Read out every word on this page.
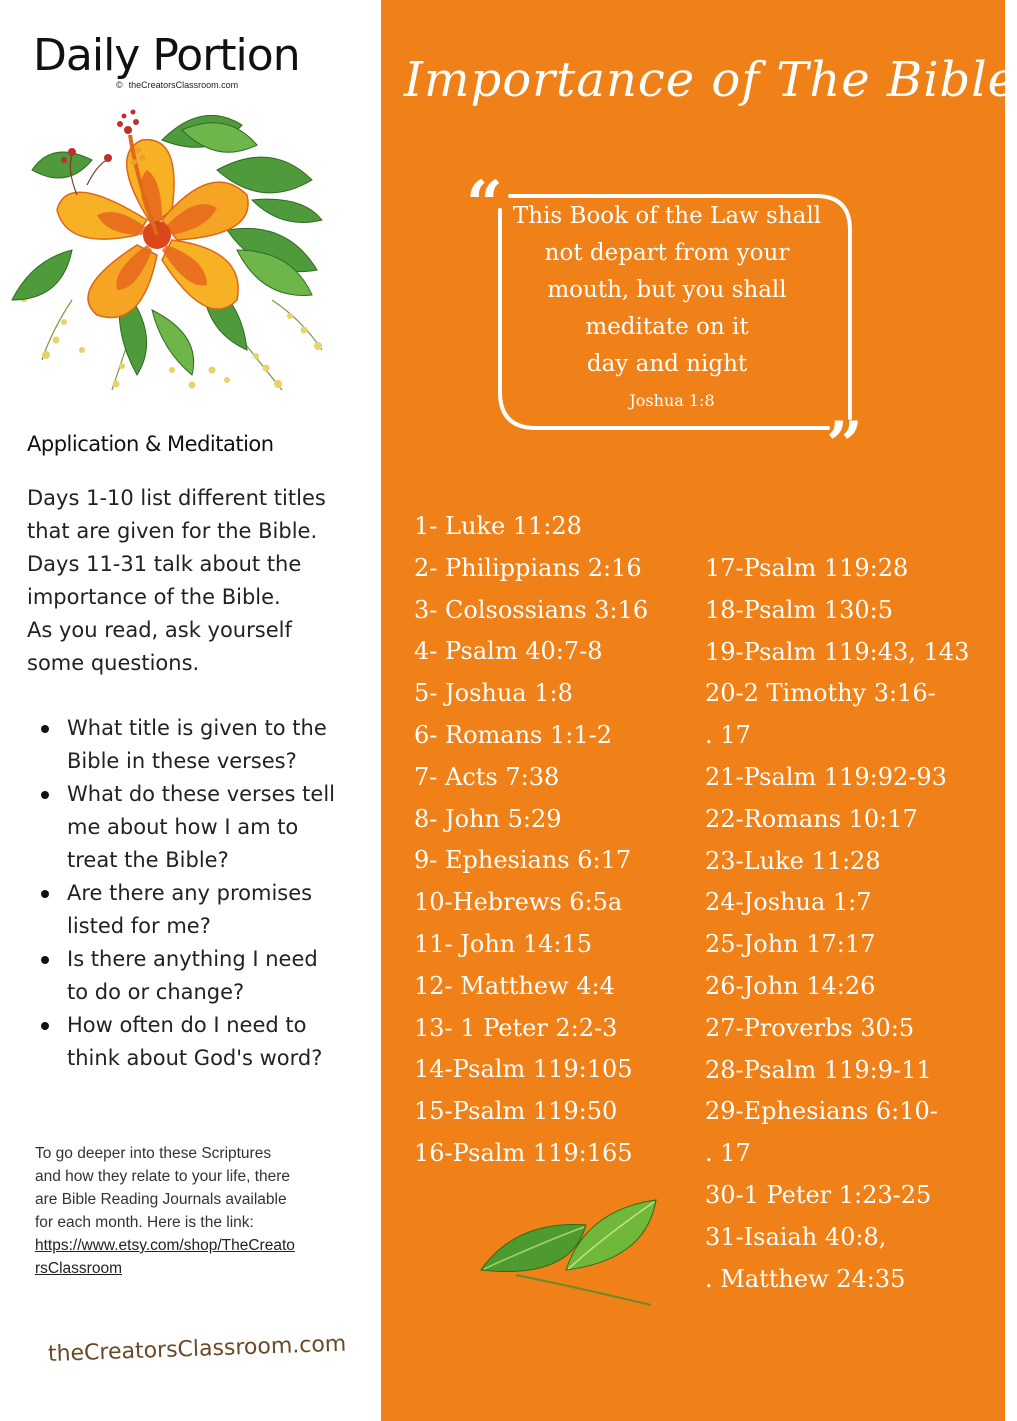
Daily Portion
© theCreatorsClassroom.com
Application & Meditation
Days 1-10 list different titles
that are given for the Bible.
Days 11-31 talk about the
importance of the Bible.
As you read, ask yourself
some questions.
What title is given to the
Bible in these verses?
What do these verses tell
me about how I am to
treat the Bible?
Are there any promises
listed for me?
Is there anything I need
to do or change?
How often do I need to
think about God's word?
To go deeper into these Scriptures
and how they relate to your life, there
are Bible Reading Journals available
for each month. Here is the link:
https://www.etsy.com/shop/TheCreato
rsClassroom

theCreatorsClassroom.com

Importance of The Bible
“
”
This Book of the Law shall
not depart from your
mouth, but you shall
meditate on it
day and night
Joshua 1:8
1- Luke 11:28
2- Philippians 2:16
3- Colsossians 3:16
4- Psalm 40:7-8
5- Joshua 1:8
6- Romans 1:1-2
7- Acts 7:38
8- John 5:29
9- Ephesians 6:17
10-Hebrews 6:5a
11- John 14:15
12- Matthew 4:4
13- 1 Peter 2:2-3
14-Psalm 119:105
15-Psalm 119:50
16-Psalm 119:165
17-Psalm 119:28
18-Psalm 130:5
19-Psalm 119:43, 143
20-2 Timothy 3:16-
. 17
21-Psalm 119:92-93
22-Romans 10:17
23-Luke 11:28
24-Joshua 1:7
25-John 17:17
26-John 14:26
27-Proverbs 30:5
28-Psalm 119:9-11
29-Ephesians 6:10-
. 17
30-1 Peter 1:23-25
31-Isaiah 40:8,
. Matthew 24:35
